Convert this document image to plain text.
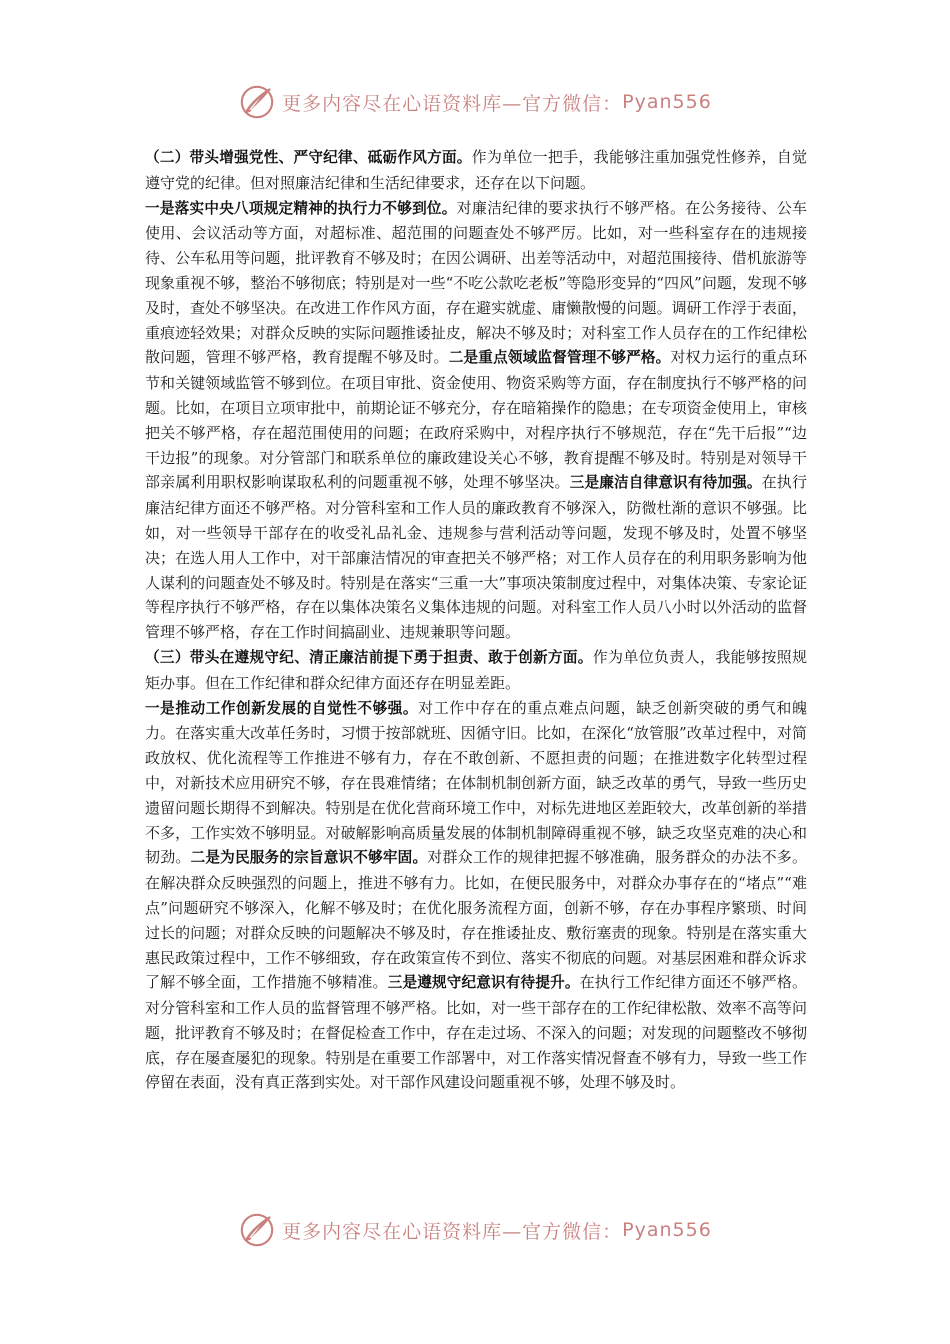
更多内容尽在心语资料库—官方微信： Pyan556

（二）带头增强党性、严守纪律、砥砺作风方面。作为单位一把手，我能够注重加强党性修养，自觉遵守党的纪律。但对照廉洁纪律和生活纪律要求，还存在以下问题。

一是落实中央八项规定精神的执行力不够到位。对廉洁纪律的要求执行不够严格。在公务接待、公车使用、会议活动等方面，对超标准、超范围的问题查处不够严厉。比如，对一些科室存在的违规接待、公车私用等问题，批评教育不够及时；在因公调研、出差等活动中，对超范围接待、借机旅游等现象重视不够，整治不够彻底；特别是对一些“不吃公款吃老板”等隐形变异的“四风”问题，发现不够及时，查处不够坚决。在改进工作作风方面，存在避实就虚、庸懒散慢的问题。调研工作浮于表面，重痕迹轻效果；对群众反映的实际问题推诿扯皮，解决不够及时；对科室工作人员存在的工作纪律松散问题，管理不够严格，教育提醒不够及时。二是重点领域监督管理不够严格。对权力运行的重点环节和关键领域监管不够到位。在项目审批、资金使用、物资采购等方面，存在制度执行不够严格的问题。比如，在项目立项审批中，前期论证不够充分，存在暗箱操作的隐患；在专项资金使用上，审核把关不够严格，存在超范围使用的问题；在政府采购中，对程序执行不够规范，存在“先干后报”“边干边报”的现象。对分管部门和联系单位的廉政建设关心不够，教育提醒不够及时。特别是对领导干部亲属利用职权影响谋取私利的问题重视不够，处理不够坚决。三是廉洁自律意识有待加强。在执行廉洁纪律方面还不够严格。对分管科室和工作人员的廉政教育不够深入，防微杜渐的意识不够强。比如，对一些领导干部存在的收受礼品礼金、违规参与营利活动等问题，发现不够及时，处置不够坚决；在选人用人工作中，对干部廉洁情况的审查把关不够严格；对工作人员存在的利用职务影响为他人谋利的问题查处不够及时。特别是在落实“三重一大”事项决策制度过程中，对集体决策、专家论证等程序执行不够严格，存在以集体决策名义集体违规的问题。对科室工作人员八小时以外活动的监督管理不够严格，存在工作时间搞副业、违规兼职等问题。

（三）带头在遵规守纪、清正廉洁前提下勇于担责、敢于创新方面。作为单位负责人，我能够按照规矩办事。但在工作纪律和群众纪律方面还存在明显差距。

一是推动工作创新发展的自觉性不够强。对工作中存在的重点难点问题，缺乏创新突破的勇气和魄力。在落实重大改革任务时，习惯于按部就班、因循守旧。比如，在深化“放管服”改革过程中，对简政放权、优化流程等工作推进不够有力，存在不敢创新、不愿担责的问题；在推进数字化转型过程中，对新技术应用研究不够，存在畏难情绪；在体制机制创新方面，缺乏改革的勇气，导致一些历史遗留问题长期得不到解决。特别是在优化营商环境工作中，对标先进地区差距较大，改革创新的举措不多，工作实效不够明显。对破解影响高质量发展的体制机制障碍重视不够，缺乏攻坚克难的决心和韧劲。二是为民服务的宗旨意识不够牢固。对群众工作的规律把握不够准确，服务群众的办法不多。在解决群众反映强烈的问题上，推进不够有力。比如，在便民服务中，对群众办事存在的“堵点”“难点”问题研究不够深入，化解不够及时；在优化服务流程方面，创新不够，存在办事程序繁琐、时间过长的问题；对群众反映的问题解决不够及时，存在推诿扯皮、敷衍塞责的现象。特别是在落实重大惠民政策过程中，工作不够细致，存在政策宣传不到位、落实不彻底的问题。对基层困难和群众诉求了解不够全面，工作措施不够精准。三是遵规守纪意识有待提升。在执行工作纪律方面还不够严格。对分管科室和工作人员的监督管理不够严格。比如，对一些干部存在的工作纪律松散、效率不高等问题，批评教育不够及时；在督促检查工作中，存在走过场、不深入的问题；对发现的问题整改不够彻底，存在屡查屡犯的现象。特别是在重要工作部署中，对工作落实情况督查不够有力，导致一些工作停留在表面，没有真正落到实处。对干部作风建设问题重视不够，处理不够及时。

更多内容尽在心语资料库—官方微信： Pyan556
